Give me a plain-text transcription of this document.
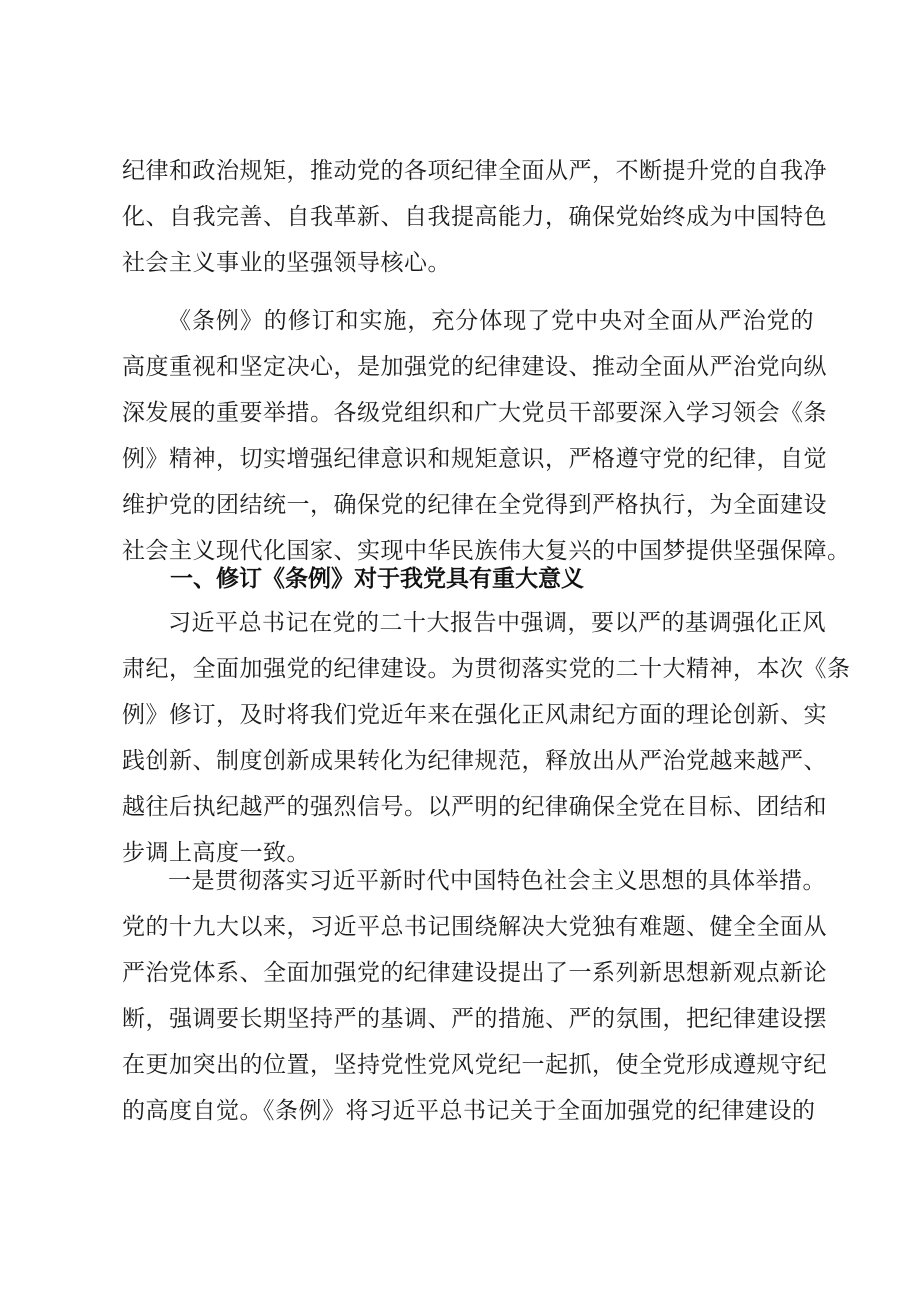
纪律和政治规矩，推动党的各项纪律全面从严，不断提升党的自我净
化、自我完善、自我革新、自我提高能力，确保党始终成为中国特色
社会主义事业的坚强领导核心。
《条例》的修订和实施，充分体现了党中央对全面从严治党的
高度重视和坚定决心，是加强党的纪律建设、推动全面从严治党向纵
深发展的重要举措。各级党组织和广大党员干部要深入学习领会《条
例》精神，切实增强纪律意识和规矩意识，严格遵守党的纪律，自觉
维护党的团结统一，确保党的纪律在全党得到严格执行，为全面建设
社会主义现代化国家、实现中华民族伟大复兴的中国梦提供坚强保障。
一、修订《条例》对于我党具有重大意义
习近平总书记在党的二十大报告中强调，要以严的基调强化正风
肃纪，全面加强党的纪律建设。为贯彻落实党的二十大精神，本次《条
例》修订，及时将我们党近年来在强化正风肃纪方面的理论创新、实
践创新、制度创新成果转化为纪律规范，释放出从严治党越来越严、
越往后执纪越严的强烈信号。以严明的纪律确保全党在目标、团结和
步调上高度一致。
一是贯彻落实习近平新时代中国特色社会主义思想的具体举措。
党的十九大以来，习近平总书记围绕解决大党独有难题、健全全面从
严治党体系、全面加强党的纪律建设提出了一系列新思想新观点新论
断，强调要长期坚持严的基调、严的措施、严的氛围，把纪律建设摆
在更加突出的位置，坚持党性党风党纪一起抓，使全党形成遵规守纪
的高度自觉。《条例》将习近平总书记关于全面加强党的纪律建设的
